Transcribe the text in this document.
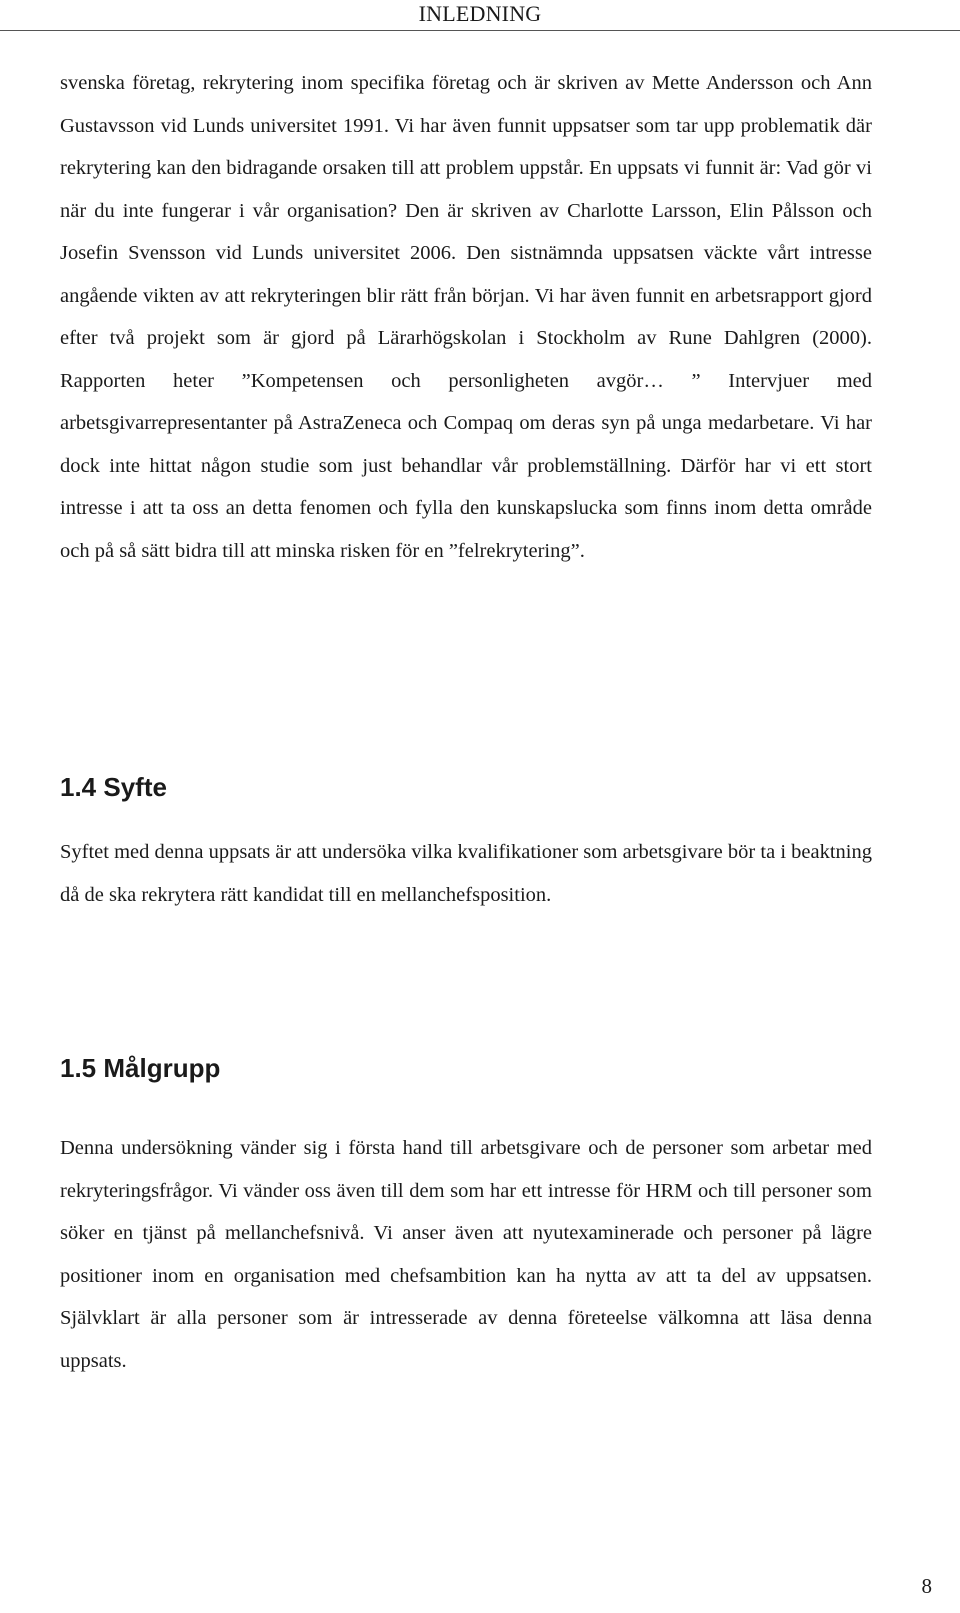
INLEDNING

svenska företag, rekrytering inom specifika företag och är skriven av Mette Andersson och Ann Gustavsson vid Lunds universitet 1991. Vi har även funnit uppsatser som tar upp problematik där rekrytering kan den bidragande orsaken till att problem uppstår. En uppsats vi funnit är: Vad gör vi när du inte fungerar i vår organisation? Den är skriven av Charlotte Larsson, Elin Pålsson och Josefin Svensson vid Lunds universitet 2006. Den sistnämnda uppsatsen väckte vårt intresse angående vikten av att rekryteringen blir rätt från början. Vi har även funnit en arbetsrapport gjord efter två projekt som är gjord på Lärarhögskolan i Stockholm av Rune Dahlgren (2000). Rapporten heter ”Kompetensen och personligheten avgör… ” Intervjuer med arbetsgivarrepresentanter på AstraZeneca och Compaq om deras syn på unga medarbetare. Vi har dock inte hittat någon studie som just behandlar vår problemställning. Därför har vi ett stort intresse i att ta oss an detta fenomen och fylla den kunskapslucka som finns inom detta område och på så sätt bidra till att minska risken för en ”felrekrytering”.

1.4 Syfte

Syftet med denna uppsats är att undersöka vilka kvalifikationer som arbetsgivare bör ta i beaktning då de ska rekrytera rätt kandidat till en mellanchefsposition.

1.5 Målgrupp

Denna undersökning vänder sig i första hand till arbetsgivare och de personer som arbetar med rekryteringsfrågor. Vi vänder oss även till dem som har ett intresse för HRM och till personer som söker en tjänst på mellanchefsnivå. Vi anser även att nyutexaminerade och personer på lägre positioner inom en organisation med chefsambition kan ha nytta av att ta del av uppsatsen. Självklart är alla personer som är intresserade av denna företeelse välkomna att läsa denna uppsats.

8
